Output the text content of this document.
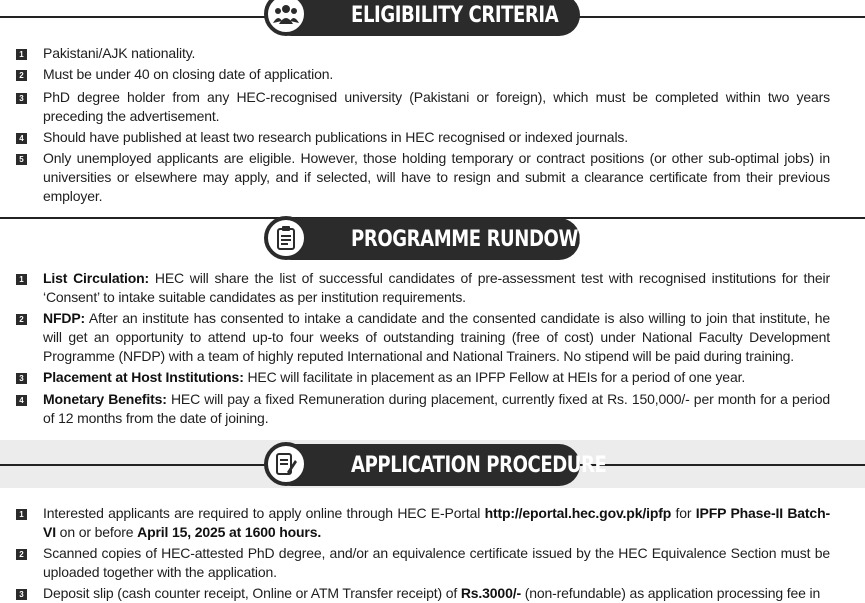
ELIGIBILITY CRITERIA
1 Pakistani/AJK nationality.
2 Must be under 40 on closing date of application.
3 PhD degree holder from any HEC-recognised university (Pakistani or foreign), which must be completed within two years preceding the advertisement.
4 Should have published at least two research publications in HEC recognised or indexed journals.
5 Only unemployed applicants are eligible. However, those holding temporary or contract positions (or other sub-optimal jobs) in universities or elsewhere may apply, and if selected, will have to resign and submit a clearance certificate from their previous employer.
PROGRAMME RUNDOWN
1 List Circulation: HEC will share the list of successful candidates of pre-assessment test with recognised institutions for their ‘Consent’ to intake suitable candidates as per institution requirements.
2 NFDP: After an institute has consented to intake a candidate and the consented candidate is also willing to join that institute, he will get an opportunity to attend up-to four weeks of outstanding training (free of cost) under National Faculty Development Programme (NFDP) with a team of highly reputed International and National Trainers. No stipend will be paid during training.
3 Placement at Host Institutions: HEC will facilitate in placement as an IPFP Fellow at HEIs for a period of one year.
4 Monetary Benefits: HEC will pay a fixed Remuneration during placement, currently fixed at Rs. 150,000/- per month for a period of 12 months from the date of joining.
APPLICATION PROCEDURE
1 Interested applicants are required to apply online through HEC E-Portal http://eportal.hec.gov.pk/ipfp for IPFP Phase-II Batch-VI on or before April 15, 2025 at 1600 hours.
2 Scanned copies of HEC-attested PhD degree, and/or an equivalence certificate issued by the HEC Equivalence Section must be uploaded together with the application.
3 Deposit slip (cash counter receipt, Online or ATM Transfer receipt) of Rs.3000/- (non-refundable) as application processing fee in
